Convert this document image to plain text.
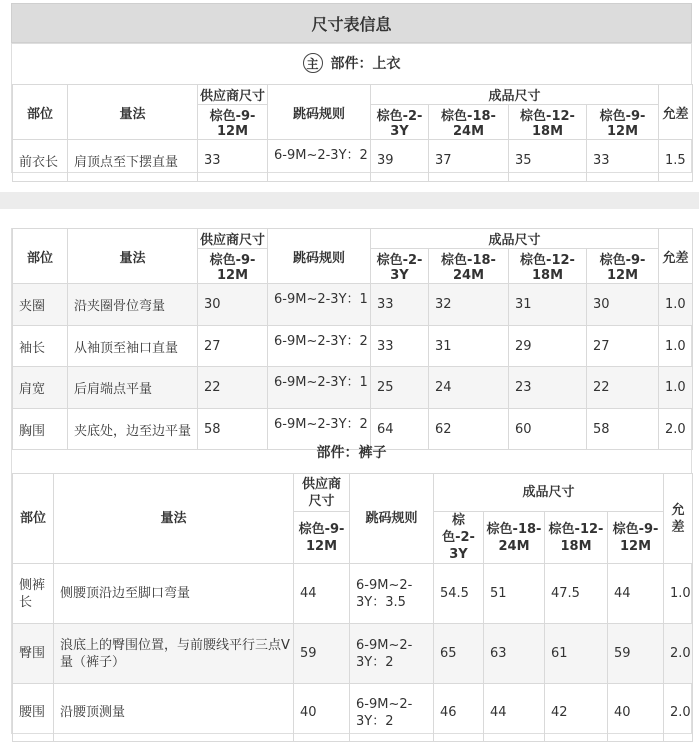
尺寸表信息
主 部件：上衣
部位	量法	供应商尺寸	跳码规则	成品尺寸				允差
		棕色-9-12M		棕色-2-3Y	棕色-18-24M	棕色-12-18M	棕色-9-12M	
前衣长	肩顶点至下摆直量	33	6-9M~2-3Y：2	39	37	35	33	1.5
部位	量法	供应商尺寸	跳码规则	成品尺寸				允差
		棕色-9-12M		棕色-2-3Y	棕色-18-24M	棕色-12-18M	棕色-9-12M	
夹圈	沿夹圈骨位弯量	30	6-9M~2-3Y：1	33	32	31	30	1.0
袖长	从袖顶至袖口直量	27	6-9M~2-3Y：2	33	31	29	27	1.0
肩宽	后肩端点平量	22	6-9M~2-3Y：1	25	24	23	22	1.0
胸围	夹底处，边至边平量	58	6-9M~2-3Y：2	64	62	60	58	2.0
部件：裤子
部位	量法	供应商尺寸	跳码规则	成品尺寸				允差
		棕色-9-12M		棕色-2-3Y	棕色-18-24M	棕色-12-18M	棕色-9-12M	
侧裤长	侧腰顶沿边至脚口弯量	44	6-9M~2-3Y：3.5	54.5	51	47.5	44	1.0
臀围	浪底上的臀围位置，与前腰线平行三点V量（裤子）	59	6-9M~2-3Y：2	65	63	61	59	2.0
腰围	沿腰顶测量	40	6-9M~2-3Y：2	46	44	42	40	2.0
